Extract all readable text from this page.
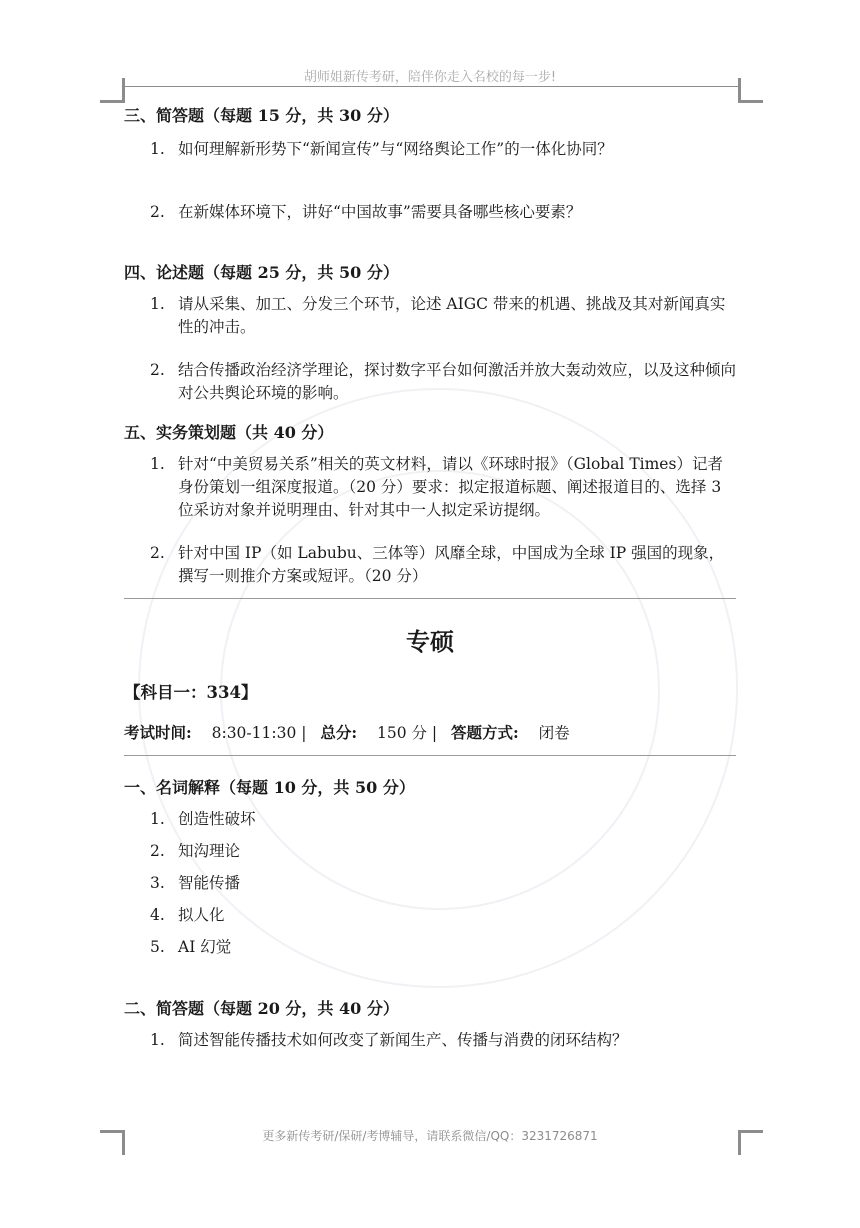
胡师姐新传考研，陪伴你走入名校的每一步!
三、简答题（每题 15 分，共 30 分）
1. 如何理解新形势下“新闻宣传”与“网络舆论工作”的一体化协同？
2. 在新媒体环境下，讲好“中国故事”需要具备哪些核心要素？
四、论述题（每题 25 分，共 50 分）
1. 请从采集、加工、分发三个环节，论述 AIGC 带来的机遇、挑战及其对新闻真实性的冲击。
2. 结合传播政治经济学理论，探讨数字平台如何激活并放大轰动效应，以及这种倾向对公共舆论环境的影响。
五、实务策划题（共 40 分）
1. 针对“中美贸易关系”相关的英文材料，请以《环球时报》（Global Times）记者身份策划一组深度报道。（20 分）要求：拟定报道标题、阐述报道目的、选择 3 位采访对象并说明理由、针对其中一人拟定采访提纲。
2. 针对中国 IP（如 Labubu、三体等）风靡全球，中国成为全球 IP 强国的现象，撰写一则推介方案或短评。（20 分）
专硕
【科目一：334】
考试时间: 8:30-11:30 | 总分: 150 分 | 答题方式: 闭卷
一、名词解释（每题 10 分，共 50 分）
1. 创造性破坏
2. 知沟理论
3. 智能传播
4. 拟人化
5. AI 幻觉
二、简答题（每题 20 分，共 40 分）
1. 简述智能传播技术如何改变了新闻生产、传播与消费的闭环结构？
更多新传考研/保研/考博辅导，请联系微信/QQ：3231726871
